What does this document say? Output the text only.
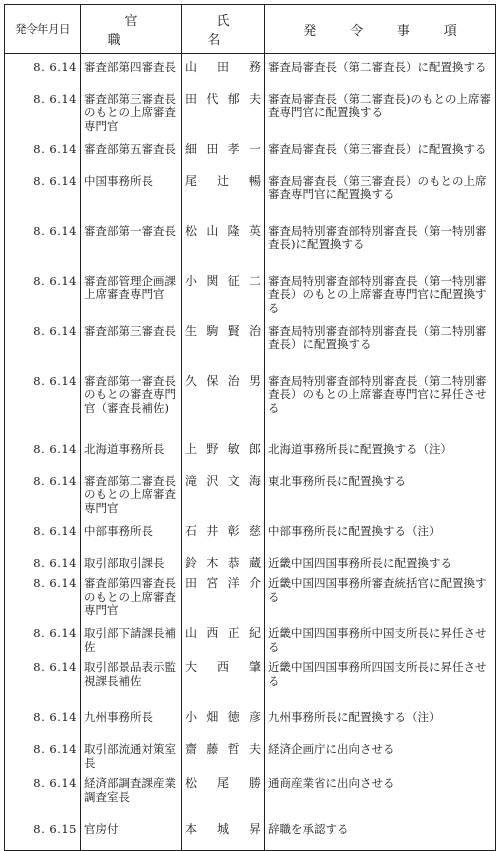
発令年月日	官職	氏名	発令事項
8. 6.14	審査部第四審査長	山田務	審査局審査長（第二審査長）に配置換する
8. 6.14	審査部第三審査長のもとの上席審査専門官	田代郁夫	審査局審査長（第二審査長)のもとの上席審査専門官に配置換する
8. 6.14	審査部第五審査長	細田孝一	審査局審査長（第三審査長）に配置換する
8. 6.14	中国事務所長	尾辻暢	審査局審査長（第三審査長）のもとの上席審査専門官に配置換する
8. 6.14	審査部第一審査長	松山隆英	審査局特別審査部特別審査長（第一特別審査長)に配置換する
8. 6.14	審査部管理企画課上席審査専門官	小関征二	審査局特別審査部特別審査長（第一特別審査長）のもとの上席審査専門官に配置換する
8. 6.14	審査部第三審査長	生駒賢治	審査局特別審査部特別審査長（第二特別審査長）に配置換する
8. 6.14	審査部第一審査長のもとの審査専門官（審査長補佐)	久保治男	審査局特別審査部特別審査長（第二特別審査長）のもとの上席審査専門官に昇任させる
8. 6.14	北海道事務所長	上野敏郎	北海道事務所長に配置換する（注）
8. 6.14	審査部第二審査長のもとの上席審査専門官	滝沢文海	東北事務所長に配置換する
8. 6.14	中部事務所長	石井彰慈	中部事務所長に配置換する（注）
8. 6.14	取引部取引課長	鈴木恭蔵	近畿中国四国事務所長に配置換する
8. 6.14	審査部第四審査長のもとの上席審査専門官	田宮洋介	近畿中国四国事務所審査統括官に配置換する
8. 6.14	取引部下請課長補佐	山西正紀	近畿中国四国事務所中国支所長に昇任させる
8. 6.14	取引部景品表示監視課長補佐	大西肇	近畿中国四国事務所四国支所長に昇任させる
8. 6.14	九州事務所長	小畑徳彦	九州事務所長に配置換する（注）
8. 6.14	取引部流通対策室長	齋藤哲夫	経済企画庁に出向させる
8. 6.14	経済部調査課産業調査室長	松尾勝	通商産業省に出向させる
8. 6.15	官房付	本城昇	辞職を承認する
